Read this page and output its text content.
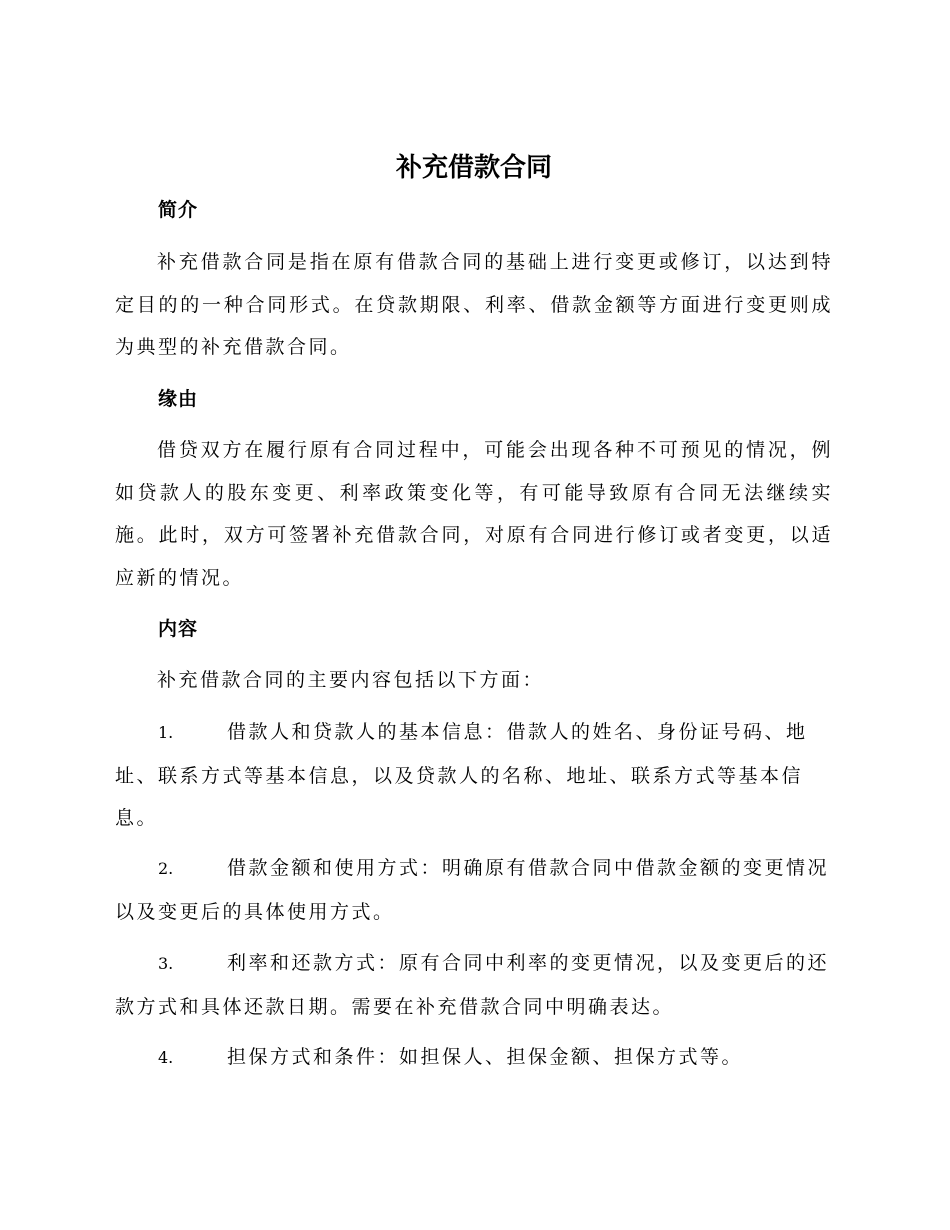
补充借款合同
简介

补充借款合同是指在原有借款合同的基础上进行变更或修订，以达到特定目的的一种合同形式。在贷款期限、利率、借款金额等方面进行变更则成为典型的补充借款合同。

缘由

借贷双方在履行原有合同过程中，可能会出现各种不可预见的情况，例如贷款人的股东变更、利率政策变化等，有可能导致原有合同无法继续实施。此时，双方可签署补充借款合同，对原有合同进行修订或者变更，以适应新的情况。

内容

补充借款合同的主要内容包括以下方面：

1.	借款人和贷款人的基本信息：借款人的姓名、身份证号码、地址、联系方式等基本信息，以及贷款人的名称、地址、联系方式等基本信息。

2.	借款金额和使用方式：明确原有借款合同中借款金额的变更情况以及变更后的具体使用方式。

3.	利率和还款方式：原有合同中利率的变更情况，以及变更后的还款方式和具体还款日期。需要在补充借款合同中明确表达。

4.	担保方式和条件：如担保人、担保金额、担保方式等。
